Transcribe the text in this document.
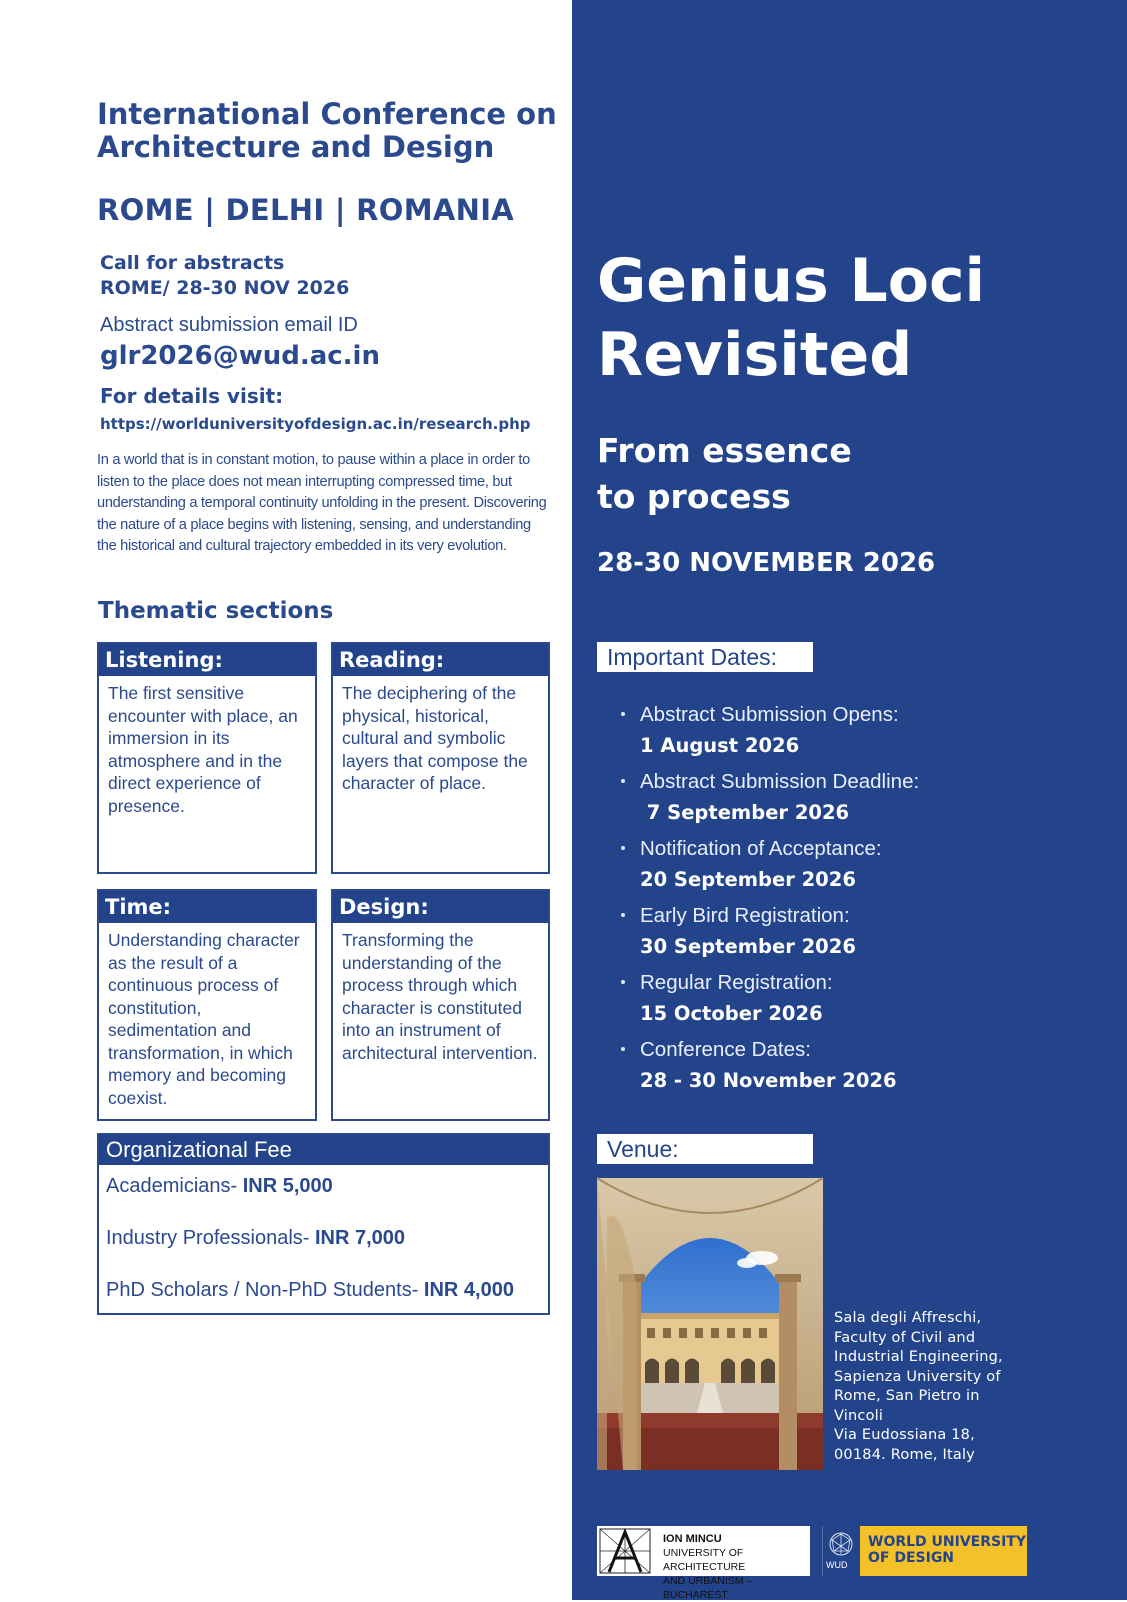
International Conference on Architecture and Design
ROME | DELHI | ROMANIA
Call for abstracts
ROME/ 28-30 NOV 2026
Abstract submission email ID
glr2026@wud.ac.in
For details visit:
https://worlduniversityofdesign.ac.in/research.php

In a world that is in constant motion, to pause within a place in order to listen to the place does not mean interrupting compressed time, but understanding a temporal continuity unfolding in the present. Discovering the nature of a place begins with listening, sensing, and understanding the historical and cultural trajectory embedded in its very evolution.

Thematic sections
Listening:
The first sensitive encounter with place, an immersion in its atmosphere and in the direct experience of presence.
Reading:
The deciphering of the physical, historical, cultural and symbolic layers that compose the character of place.
Time:
Understanding character as the result of a continuous process of constitution, sedimentation and transformation, in which memory and becoming coexist.
Design:
Transforming the understanding of the process through which character is constituted into an instrument of architectural intervention.
Organizational Fee
Academicians- INR 5,000
Industry Professionals- INR 7,000
PhD Scholars / Non-PhD Students- INR 4,000
Genius Loci
Revisited
From essence
to process
28-30 NOVEMBER 2026
Important Dates:
Abstract Submission Opens:
1 August 2026
Abstract Submission Deadline:
7 September 2026
Notification of Acceptance:
20 September 2026
Early Bird Registration:
30 September 2026
Regular Registration:
15 October 2026
Conference Dates:
28 - 30 November 2026
Venue:
Sala degli Affreschi,
Faculty of Civil and
Industrial Engineering,
Sapienza University of
Rome, San Pietro in
Vincoli
Via Eudossiana 18,
00184. Rome, Italy
ION MINCU
UNIVERSITY OF ARCHITECTURE
AND URBANISM – BUCHAREST
WUD
WORLD UNIVERSITY
OF DESIGN
